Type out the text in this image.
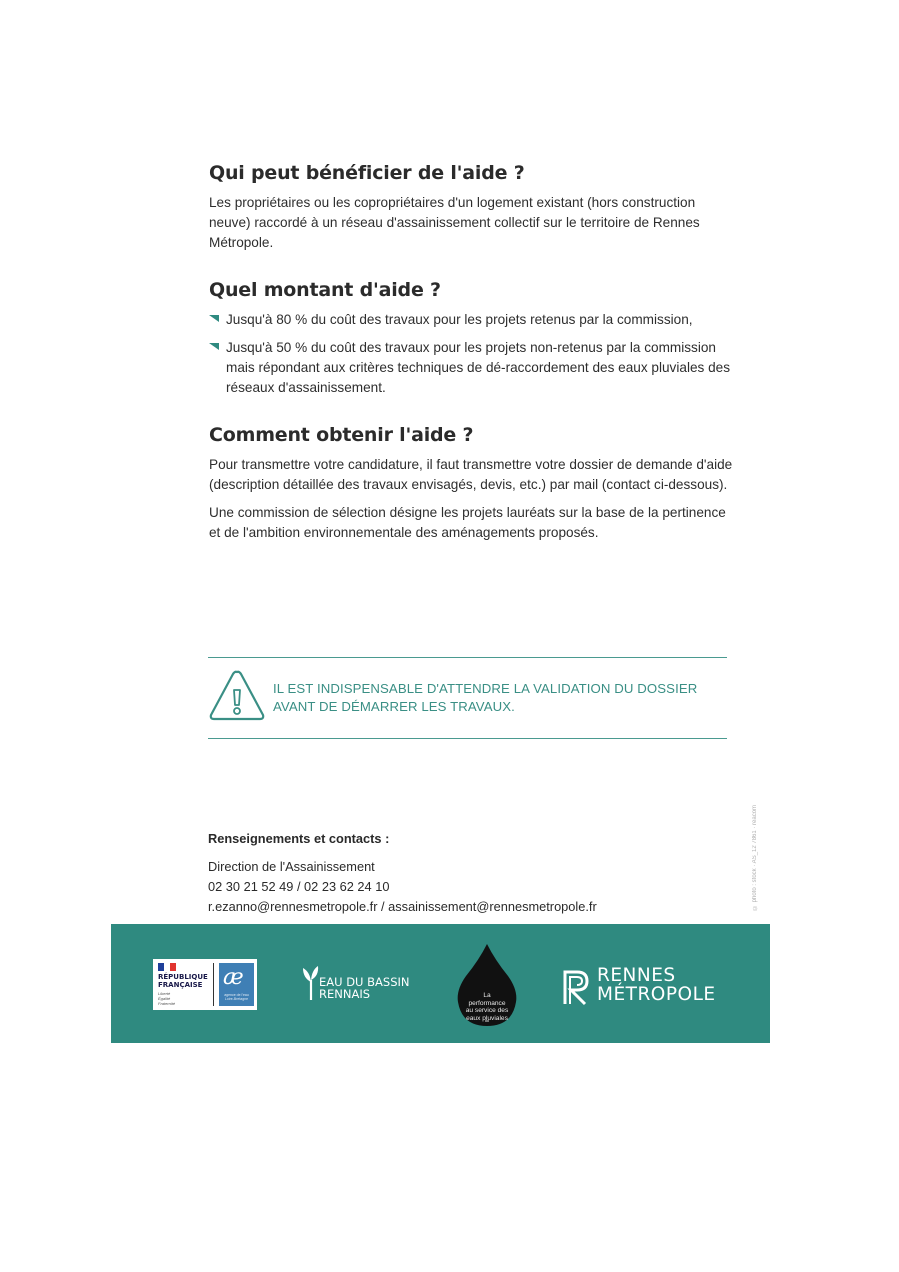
Qui peut bénéficier de l'aide ?

Les propriétaires ou les copropriétaires d'un logement existant (hors construction neuve) raccordé à un réseau d'assainissement collectif sur le territoire de Rennes Métropole.

Quel montant d'aide ?
Jusqu'à 80 % du coût des travaux pour les projets retenus par la commission,
Jusqu'à 50 % du coût des travaux pour les projets non-retenus par la commission mais répondant aux critères techniques de dé-raccordement des eaux pluviales des réseaux d'assainissement.
Comment obtenir l'aide ?

Pour transmettre votre candidature, il faut transmettre votre dossier de demande d'aide (description détaillée des travaux envisagés, devis, etc.) par mail (contact ci-dessous).

Une commission de sélection désigne les projets lauréats sur la base de la pertinence et de l'ambition environnementale des aménagements proposés.

IL EST INDISPENSABLE D'ATTENDRE LA VALIDATION DU DOSSIER
AVANT DE DÉMARRER LES TRAVAUX.
Renseignements et contacts :
Direction de l'Assainissement
02 30 21 52 49 / 02 23 62 24 10
r.ezanno@rennesmetropole.fr / assainissement@rennesmetropole.fr	© photo : stock · AS_12 7861 · reacom
RÉPUBLIQUE
FRANÇAISE
Liberté
Égalité
Fraternité
æ
agence de l'eau Loire-Bretagne
EAU DU BASSIN
RENNAIS	La
performance
au service des
eaux pluviales
RENNES
MÉTROPOLE
